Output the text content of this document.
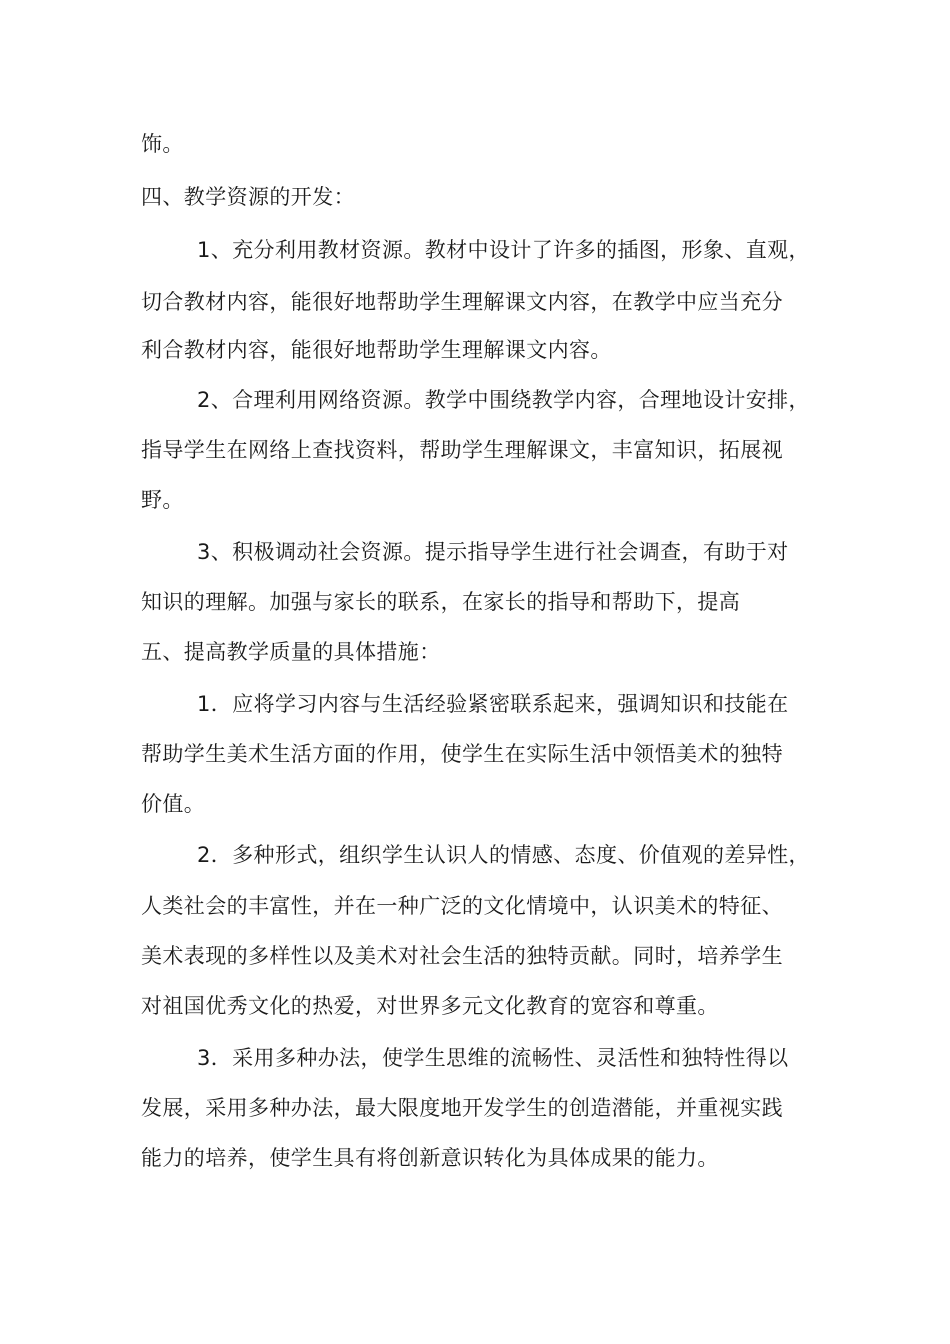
饰。
四、教学资源的开发：
1、充分利用教材资源。教材中设计了许多的插图，形象、直观，
切合教材内容，能很好地帮助学生理解课文内容，在教学中应当充分
利合教材内容，能很好地帮助学生理解课文内容。
2、合理利用网络资源。教学中围绕教学内容，合理地设计安排，
指导学生在网络上查找资料，帮助学生理解课文，丰富知识，拓展视
野。
3、积极调动社会资源。提示指导学生进行社会调查，有助于对
知识的理解。加强与家长的联系，在家长的指导和帮助下，提高
五、提高教学质量的具体措施：
1．应将学习内容与生活经验紧密联系起来，强调知识和技能在
帮助学生美术生活方面的作用，使学生在实际生活中领悟美术的独特
价值。
2．多种形式，组织学生认识人的情感、态度、价值观的差异性，
人类社会的丰富性，并在一种广泛的文化情境中，认识美术的特征、
美术表现的多样性以及美术对社会生活的独特贡献。同时，培养学生
对祖国优秀文化的热爱，对世界多元文化教育的宽容和尊重。
3．采用多种办法，使学生思维的流畅性、灵活性和独特性得以
发展，采用多种办法，最大限度地开发学生的创造潜能，并重视实践
能力的培养，使学生具有将创新意识转化为具体成果的能力。
